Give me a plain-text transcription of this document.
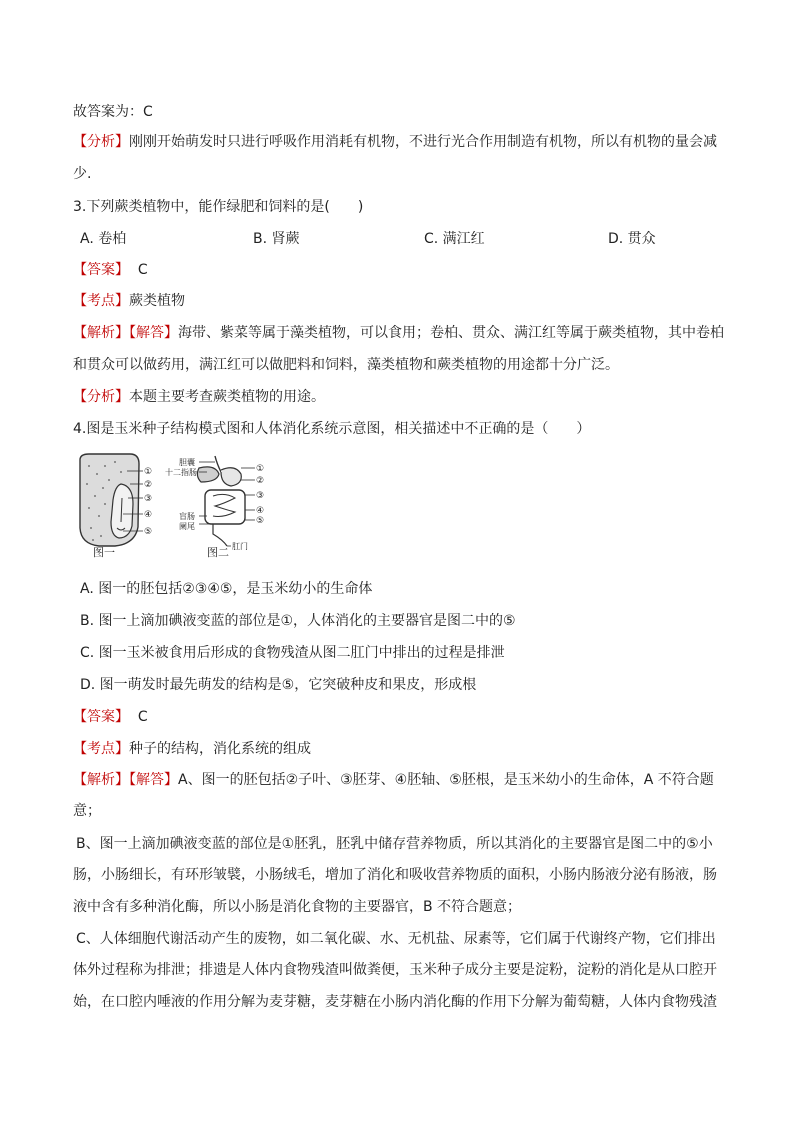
故答案为：C
【分析】刚刚开始萌发时只进行呼吸作用消耗有机物，不进行光合作用制造有机物，所以有机物的量会减
少.
3.下列蕨类植物中，能作绿肥和饲料的是(　　)
A. 卷柏	B. 肾蕨	C. 满江红	D. 贯众
【答案】 C
【考点】蕨类植物
【解析】【解答】海带、紫菜等属于藻类植物，可以食用；卷柏、贯众、满江红等属于蕨类植物，其中卷柏
和贯众可以做药用，满江红可以做肥料和饲料，藻类植物和蕨类植物的用途都十分广泛。
【分析】本题主要考查蕨类植物的用途。
4.图是玉米种子结构模式图和人体消化系统示意图，相关描述中不正确的是（　　）
①
②
③
④
⑤
图一
①
②
③
④
⑤
胆囊
十二指肠
盲肠
阑尾
肛门
图二
A. 图一的胚包括②③④⑤，是玉米幼小的生命体
B. 图一上滴加碘液变蓝的部位是①，人体消化的主要器官是图二中的⑤
C. 图一玉米被食用后形成的食物残渣从图二肛门中排出的过程是排泄
D. 图一萌发时最先萌发的结构是⑤，它突破种皮和果皮，形成根
【答案】 C
【考点】种子的结构，消化系统的组成
【解析】【解答】A、图一的胚包括②子叶、③胚芽、④胚轴、⑤胚根，是玉米幼小的生命体，A 不符合题
意；
B、图一上滴加碘液变蓝的部位是①胚乳，胚乳中储存营养物质，所以其消化的主要器官是图二中的⑤小
肠，小肠细长，有环形皱襞，小肠绒毛，增加了消化和吸收营养物质的面积，小肠内肠液分泌有肠液，肠
液中含有多种消化酶，所以小肠是消化食物的主要器官，B 不符合题意；
C、人体细胞代谢活动产生的废物，如二氧化碳、水、无机盐、尿素等，它们属于代谢终产物，它们排出
体外过程称为排泄；排遗是人体内食物残渣叫做粪便，玉米种子成分主要是淀粉，淀粉的消化是从口腔开
始，在口腔内唾液的作用分解为麦芽糖，麦芽糖在小肠内消化酶的作用下分解为葡萄糖，人体内食物残渣
